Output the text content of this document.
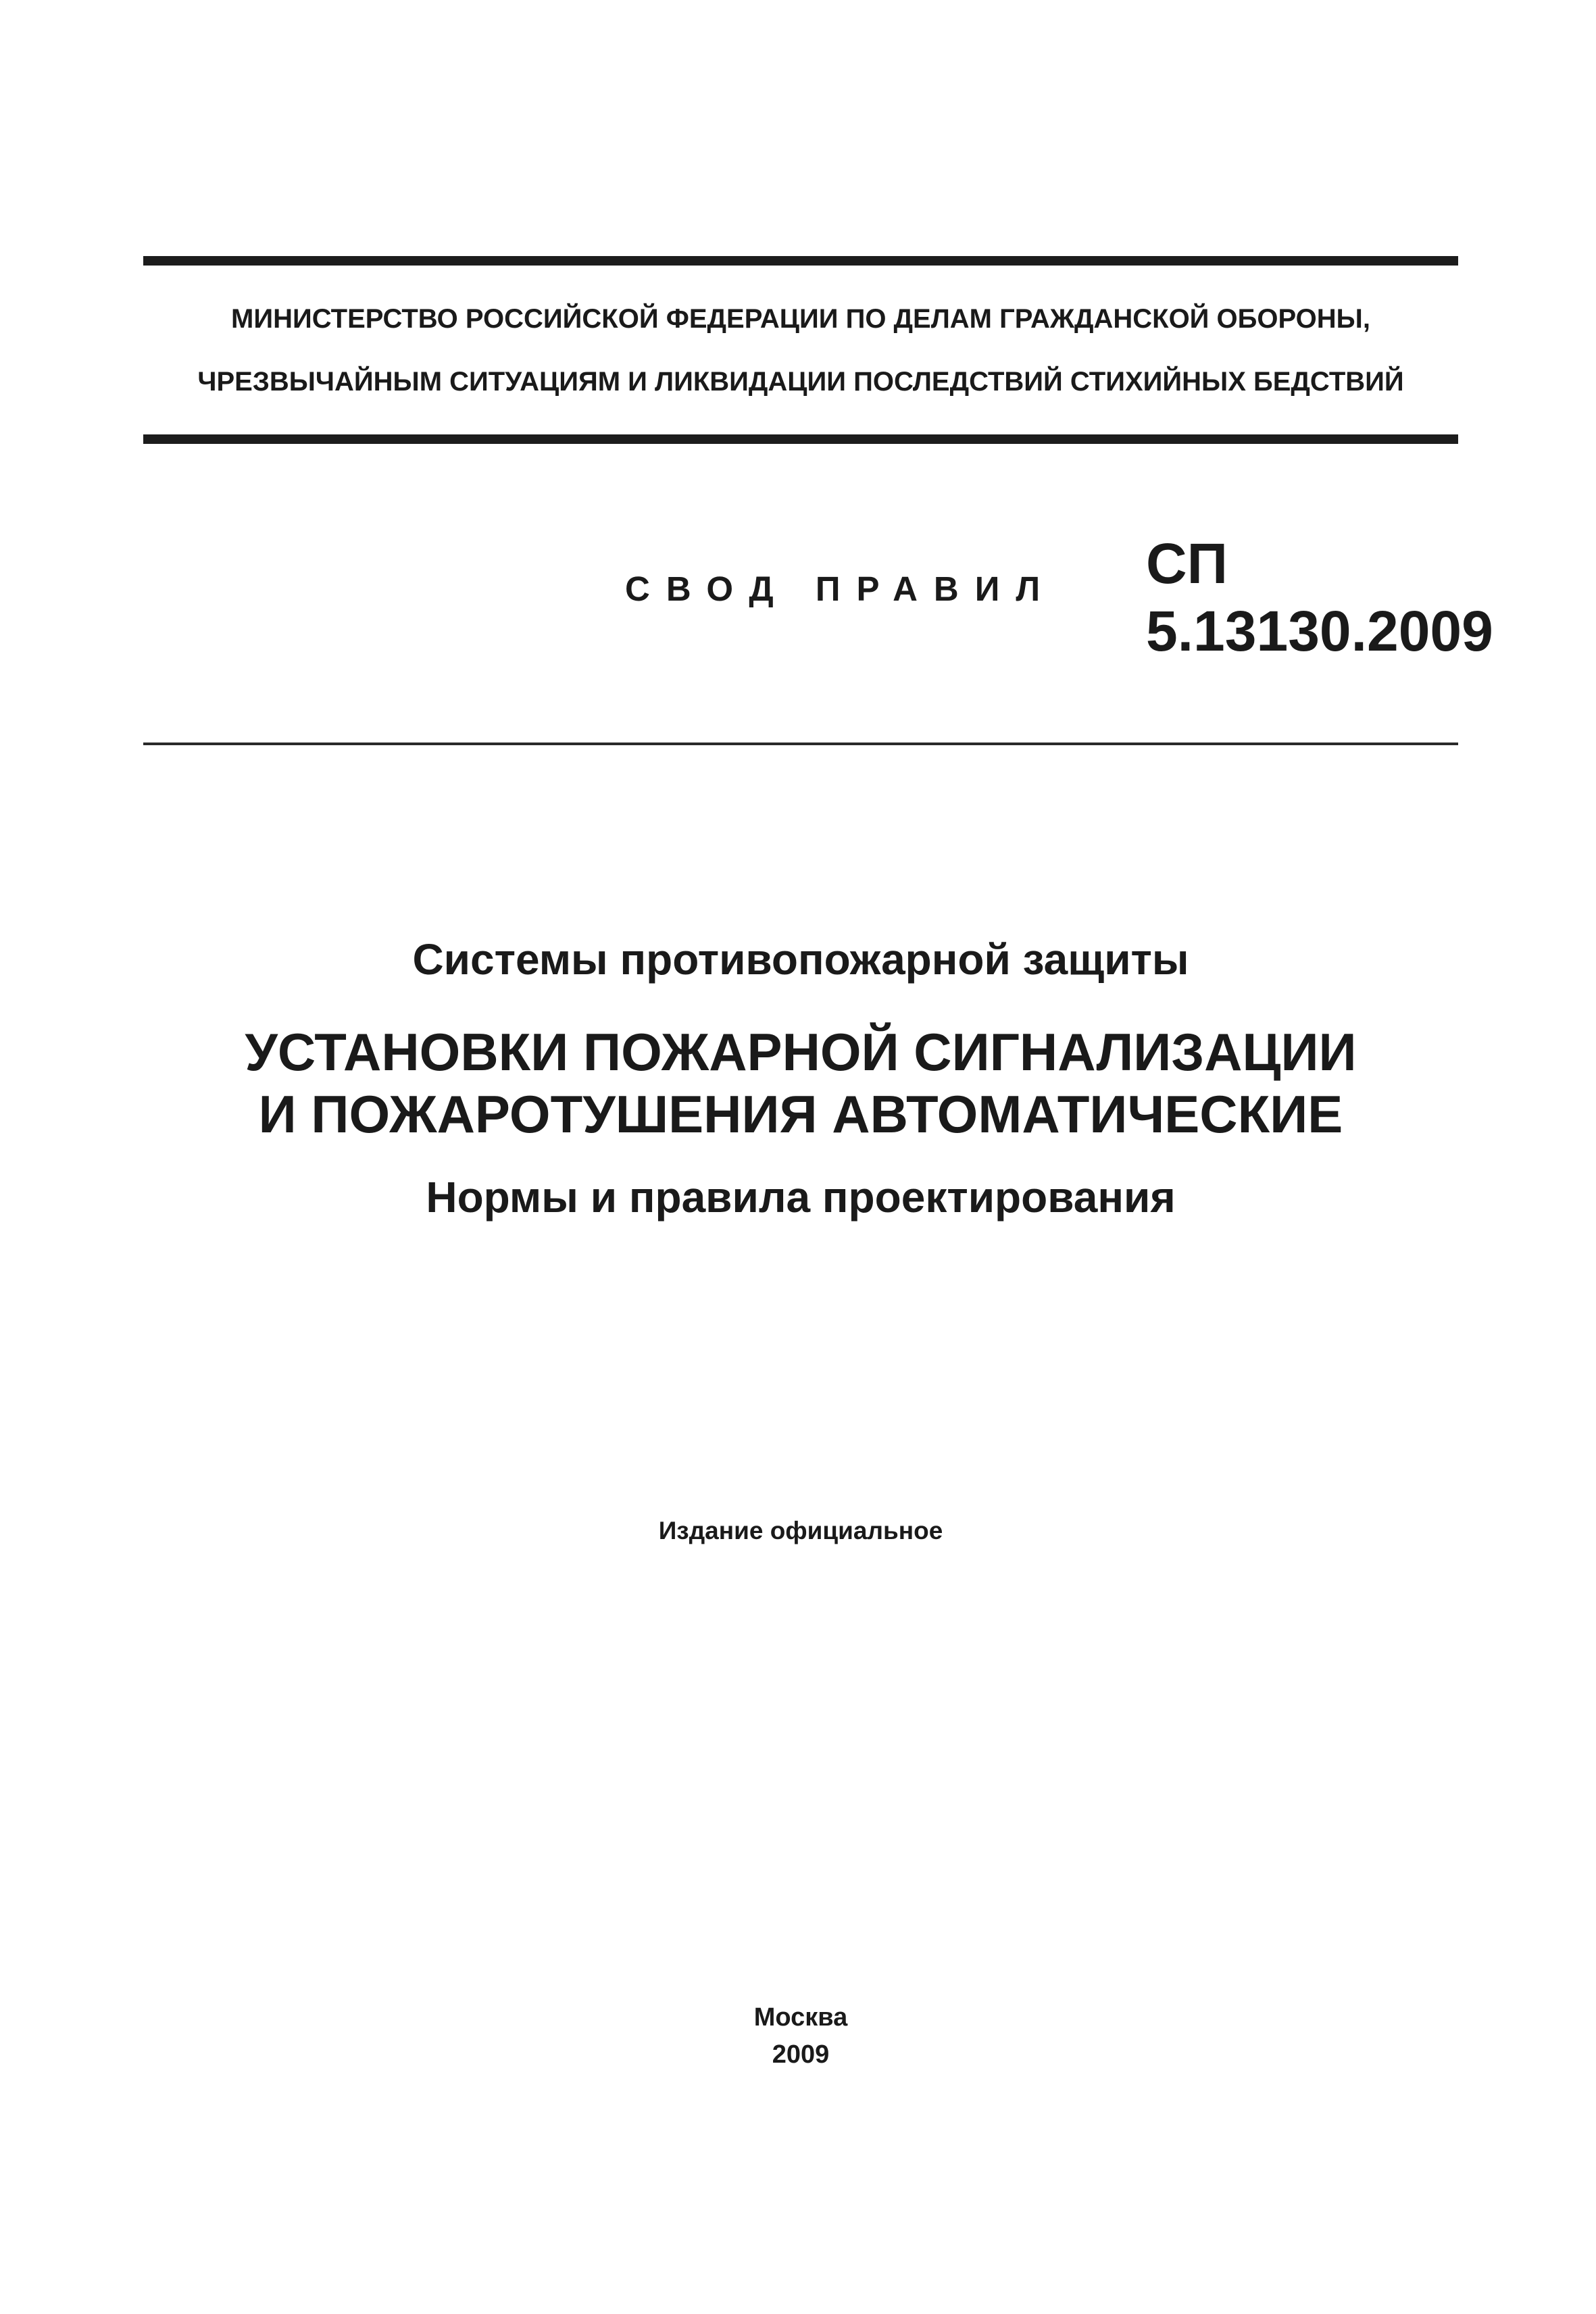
МИНИСТЕРСТВО РОССИЙСКОЙ ФЕДЕРАЦИИ ПО ДЕЛАМ ГРАЖДАНСКОЙ ОБОРОНЫ,
ЧРЕЗВЫЧАЙНЫМ СИТУАЦИЯМ И ЛИКВИДАЦИИ ПОСЛЕДСТВИЙ СТИХИЙНЫХ БЕДСТВИЙ
СВОД ПРАВИЛ СП
5.13130.2009
Системы противопожарной защиты
УСТАНОВКИ ПОЖАРНОЙ СИГНАЛИЗАЦИИ
И ПОЖАРОТУШЕНИЯ АВТОМАТИЧЕСКИЕ
Нормы и правила проектирования
Издание официальное
Москва
2009
